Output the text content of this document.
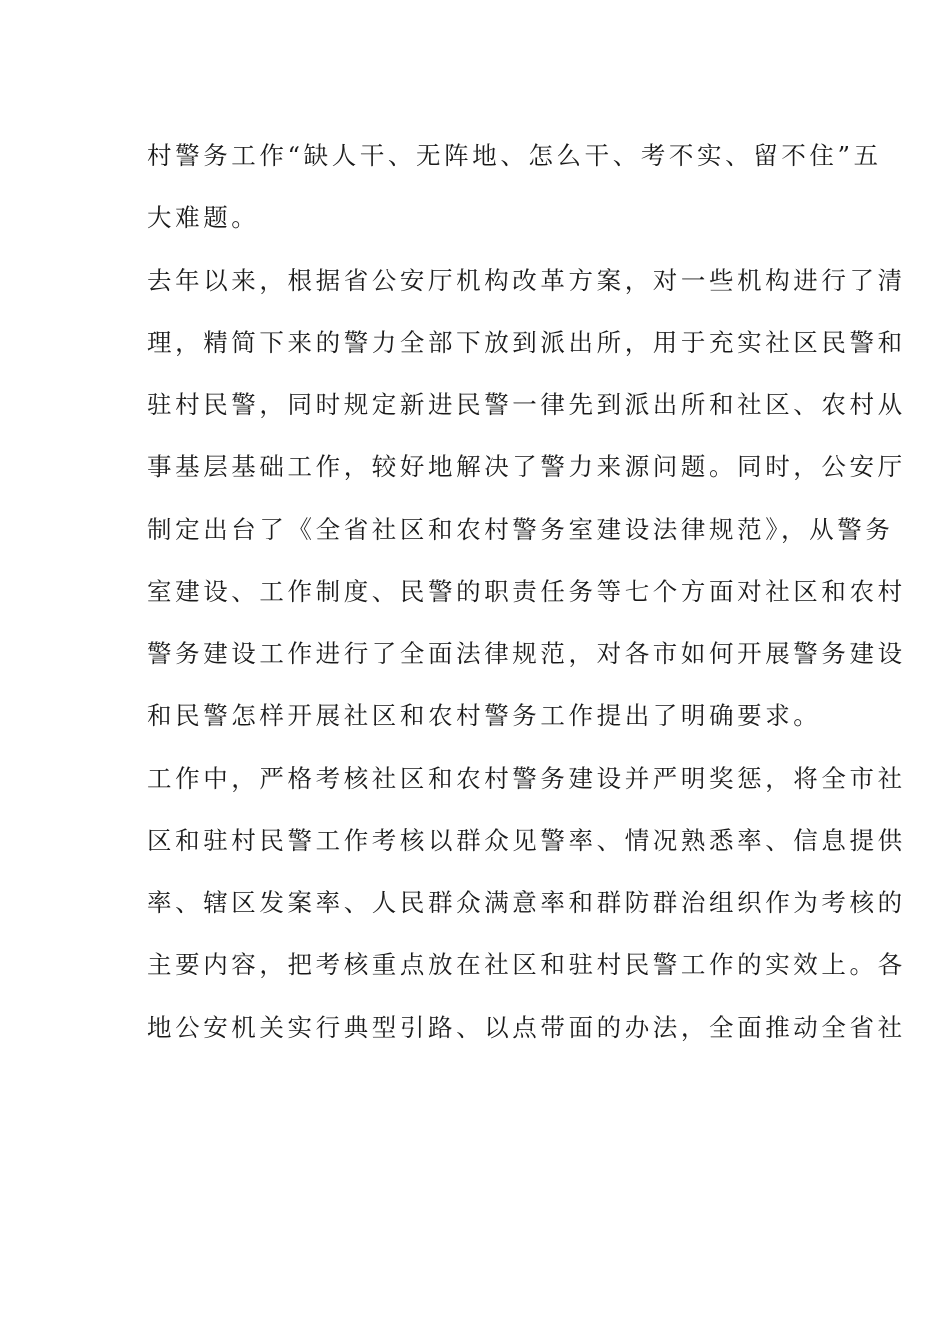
村警务工作“缺人干、无阵地、怎么干、考不实、留不住”五
大难题。
去年以来，根据省公安厅机构改革方案，对一些机构进行了清
理，精简下来的警力全部下放到派出所，用于充实社区民警和
驻村民警，同时规定新进民警一律先到派出所和社区、农村从
事基层基础工作，较好地解决了警力来源问题。同时，公安厅
制定出台了《全省社区和农村警务室建设法律规范》，从警务
室建设、工作制度、民警的职责任务等七个方面对社区和农村
警务建设工作进行了全面法律规范，对各市如何开展警务建设
和民警怎样开展社区和农村警务工作提出了明确要求。
工作中，严格考核社区和农村警务建设并严明奖惩，将全市社
区和驻村民警工作考核以群众见警率、情况熟悉率、信息提供
率、辖区发案率、人民群众满意率和群防群治组织作为考核的
主要内容，把考核重点放在社区和驻村民警工作的实效上。各
地公安机关实行典型引路、以点带面的办法，全面推动全省社
